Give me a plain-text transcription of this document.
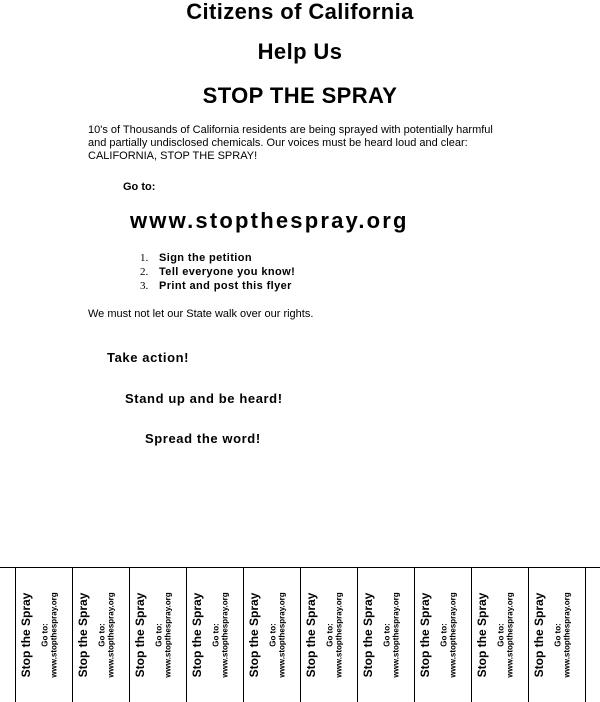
Citizens of California
Help Us
STOP THE SPRAY
10's of Thousands of California residents are being sprayed with potentially harmful and partially undisclosed chemicals. Our voices must be heard loud and clear: CALIFORNIA, STOP THE SPRAY!
Go to:
www.stopthespray.org
1. Sign the petition
2. Tell everyone you know!
3. Print and post this flyer
We must not let our State walk over our rights.
Take action!
Stand up and be heard!
Spread the word!
Stop the Spray Go to: www.stopthespray.org Stop the Spray Go to: www.stopthespray.org Stop the Spray Go to: www.stopthespray.org Stop the Spray Go to: www.stopthespray.org Stop the Spray Go to: www.stopthespray.org Stop the Spray Go to: www.stopthespray.org Stop the Spray Go to: www.stopthespray.org Stop the Spray Go to: www.stopthespray.org Stop the Spray Go to: www.stopthespray.org Stop the Spray Go to: www.stopthespray.org
